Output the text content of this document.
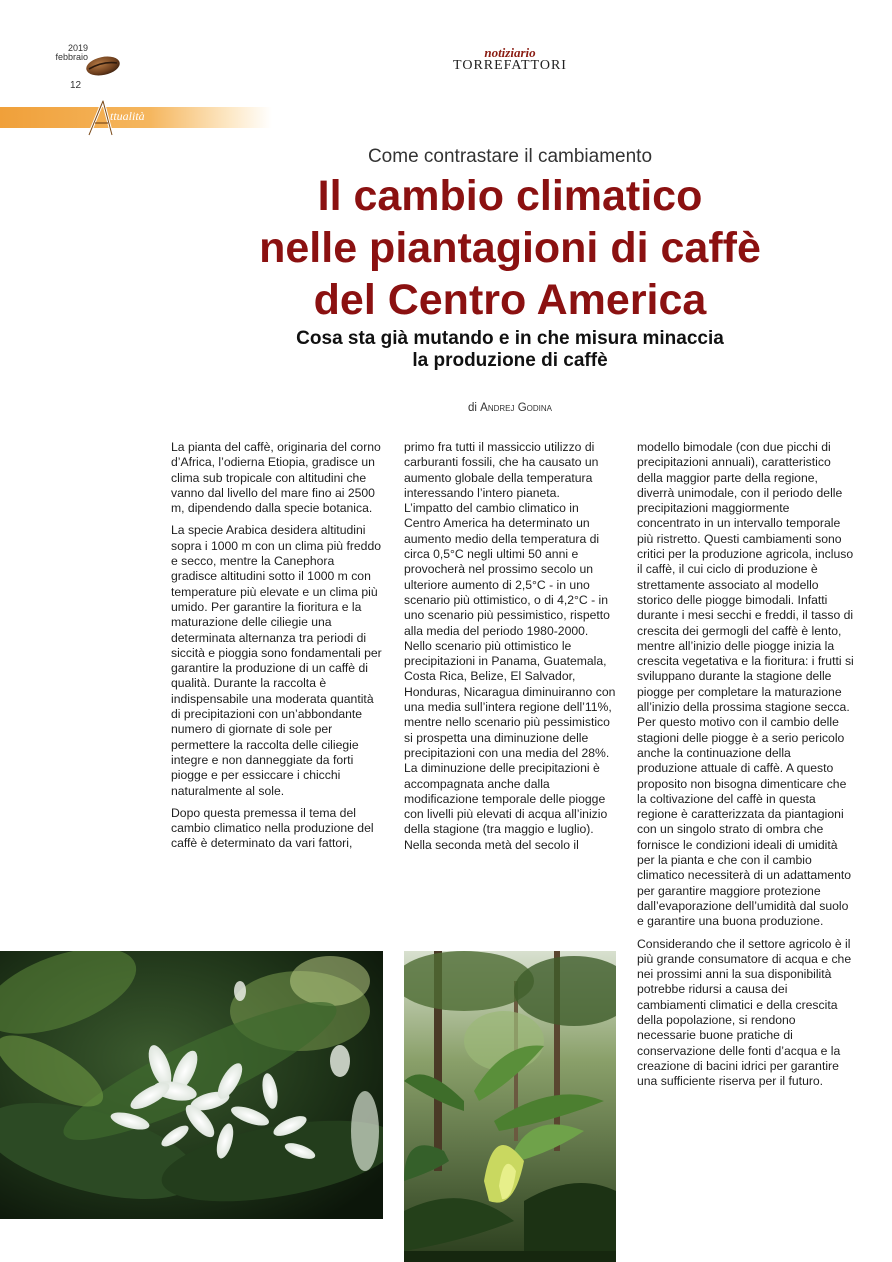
2019
febbraio
12
notiziario
TORREFATTORI
ttualità
Come contrastare il cambiamento
Il cambio climatico
nelle piantagioni di caffè
del Centro America
Cosa sta già mutando e in che misura minaccia
la produzione di caffè
di Andrej Godina

La pianta del caffè, originaria del corno d’Africa, l’odierna Etiopia, gradisce un clima sub tropicale con altitudini che vanno dal livello del mare fino ai 2500 m, dipendendo dalla specie botanica.

La specie Arabica desidera altitudini sopra i 1000 m con un clima più freddo e secco, mentre la Canephora gradisce altitudini sotto il 1000 m con temperature più elevate e un clima più umido. Per garantire la fioritura e la maturazione delle ciliegie una determinata alternanza tra periodi di siccità e pioggia sono fondamentali per garantire la produzione di un caffè di qualità. Durante la raccolta è indispensabile una moderata quantità di precipitazioni con un’abbondante numero di giornate di sole per permettere la raccolta delle ciliegie integre e non danneggiate da forti piogge e per essiccare i chicchi naturalmente al sole.

Dopo questa premessa il tema del cambio climatico nella produzione del caffè è determinato da vari fattori,

primo fra tutti il massiccio utilizzo di carburanti fossili, che ha causato un aumento globale della temperatura interessando l’intero pianeta.

L’impatto del cambio climatico in Centro America ha determinato un aumento medio della temperatura di circa 0,5°C negli ultimi 50 anni e provocherà nel prossimo secolo un ulteriore aumento di 2,5°C - in uno scenario più ottimistico, o di 4,2°C - in uno scenario più pessimistico, rispetto alla media del periodo 1980-2000. Nello scenario più ottimistico le precipitazioni in Panama, Guatemala, Costa Rica, Belize, El Salvador, Honduras, Nicaragua diminuiranno con una media sull’intera regione dell’11%, mentre nello scenario più pessimistico si prospetta una diminuzione delle precipitazioni con una media del 28%. La diminuzione delle precipitazioni è accompagnata anche dalla modificazione temporale delle piogge con livelli più elevati di acqua all’inizio della stagione (tra maggio e luglio). Nella seconda metà del secolo il

modello bimodale (con due picchi di precipitazioni annuali), caratteristico della maggior parte della regione, diverrà unimodale, con il periodo delle precipitazioni maggiormente concentrato in un intervallo temporale più ristretto. Questi cambiamenti sono critici per la produzione agricola, incluso il caffè, il cui ciclo di produzione è strettamente associato al modello storico delle piogge bimodali. Infatti durante i mesi secchi e freddi, il tasso di crescita dei germogli del caffè è lento, mentre all’inizio delle piogge inizia la crescita vegetativa e la fioritura: i frutti si sviluppano durante la stagione delle piogge per completare la maturazione all’inizio della prossima stagione secca. Per questo motivo con il cambio delle stagioni delle piogge è a serio pericolo anche la continuazione della produzione attuale di caffè. A questo proposito non bisogna dimenticare che la coltivazione del caffè in questa regione è caratterizzata da piantagioni con un singolo strato di ombra che fornisce le condizioni ideali di umidità per la pianta e che con il cambio climatico necessiterà di un adattamento per garantire maggiore protezione dall’evaporazione dell’umidità dal suolo e garantire una buona produzione.

Considerando che il settore agricolo è il più grande consumatore di acqua e che nei prossimi anni la sua disponibilità potrebbe ridursi a causa dei cambiamenti climatici e della crescita della popolazione, si rendono necessarie buone pratiche di conservazione delle fonti d’acqua e la creazione di bacini idrici per garantire una sufficiente riserva per il futuro.
